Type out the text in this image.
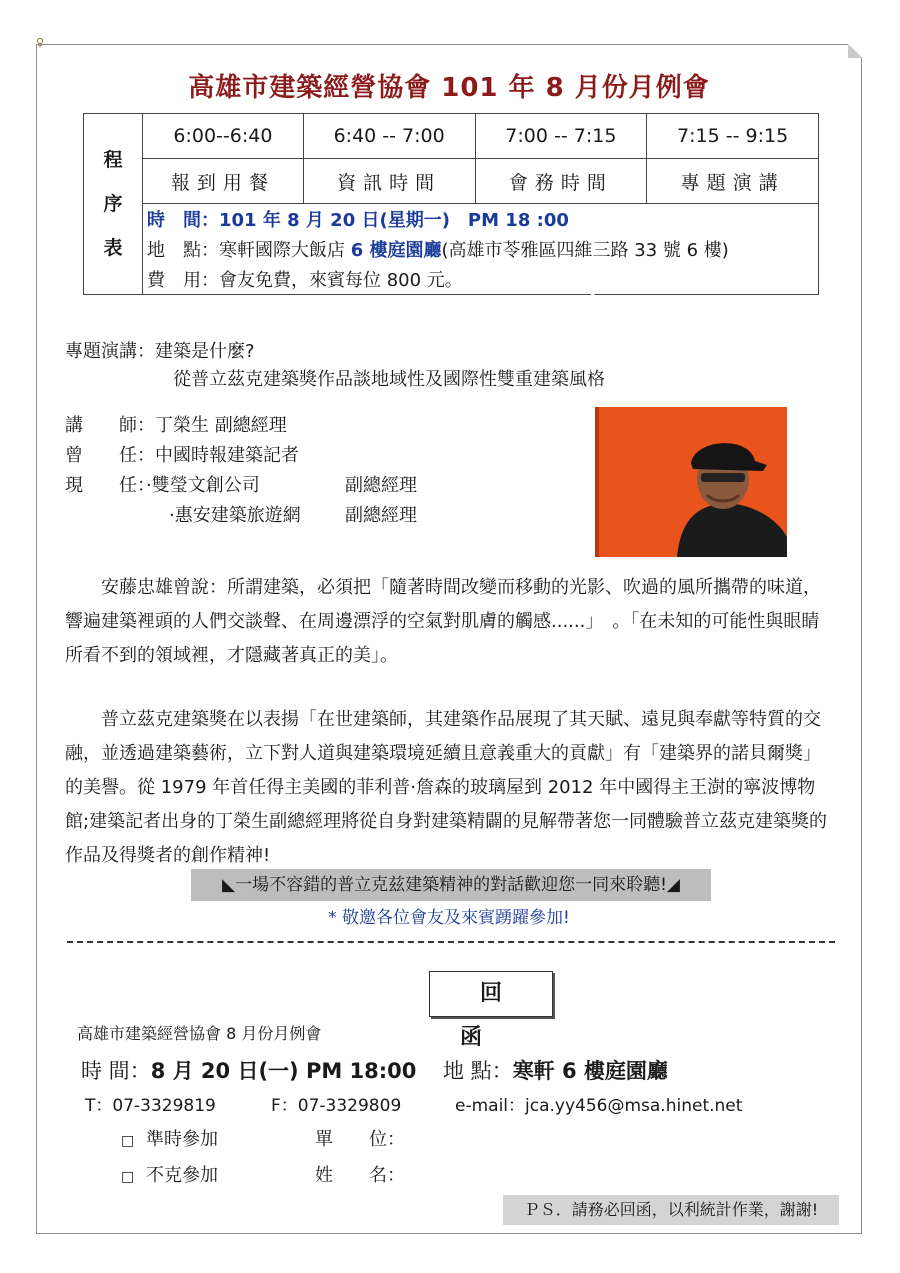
♀
高雄市建築經營協會 101 年 8 月份月例會
程
序
表	6:00--6:40	6:40 -- 7:00	7:00 -- 7:15	7:15 -- 9:15
	報到用餐	資訊時間	會務時間	專題演講
	時　間：101 年 8 月 20 日(星期一)　PM 18 :00			
	地　點：寒軒國際大飯店 6 樓庭園廳(高雄市苓雅區四維三路 33 號 6 樓)			
	費　用：會友免費，來賓每位 800 元。			
專題演講：建築是什麼?
從普立茲克建築獎作品談地域性及國際性雙重建築風格
講　　師：丁榮生 副總經理
曾　　任：中國時報建築記者
現　　任：·雙瑩文創公司	副總經理
·惠安建築旅遊網 副總經理
ISIT ODE
　　安藤忠雄曾說：所謂建築，必須把「隨著時間改變而移動的光影、吹過的風所攜帶的味道，響遍建築裡頭的人們交談聲、在周邊漂浮的空氣對肌膚的觸感......」　。「在未知的可能性與眼睛所看不到的領域裡，才隱藏著真正的美」。
　　普立茲克建築獎在以表揚「在世建築師，其建築作品展現了其天賦、遠見與奉獻等特質的交融，並透過建築藝術，立下對人道與建築環境延續且意義重大的貢獻」有「建築界的諾貝爾獎」的美譽。從 1979 年首任得主美國的菲利普·詹森的玻璃屋到 2012 年中國得主王澍的寧波博物館;建築記者出身的丁榮生副總經理將從自身對建築精闢的見解帶著您一同體驗普立茲克建築獎的作品及得獎者的創作精神!
◣一場不容錯的普立克兹建築精神的對話歡迎您一同來聆聽!◢
* 敬邀各位會友及來賓踴躍參加!
回函
高雄市建築經營協會 8 月份月例會
時 間：8 月 20 日(一) PM 18:00 地 點：寒軒 6 樓庭園廳
T：07-3329819	F：07-3329809	e-mail：jca.yy456@msa.hinet.net
□ 準時參加	單　　位：
□ 不克參加	姓　　名：
ＰＳ．請務必回函，以利統計作業，謝謝!
